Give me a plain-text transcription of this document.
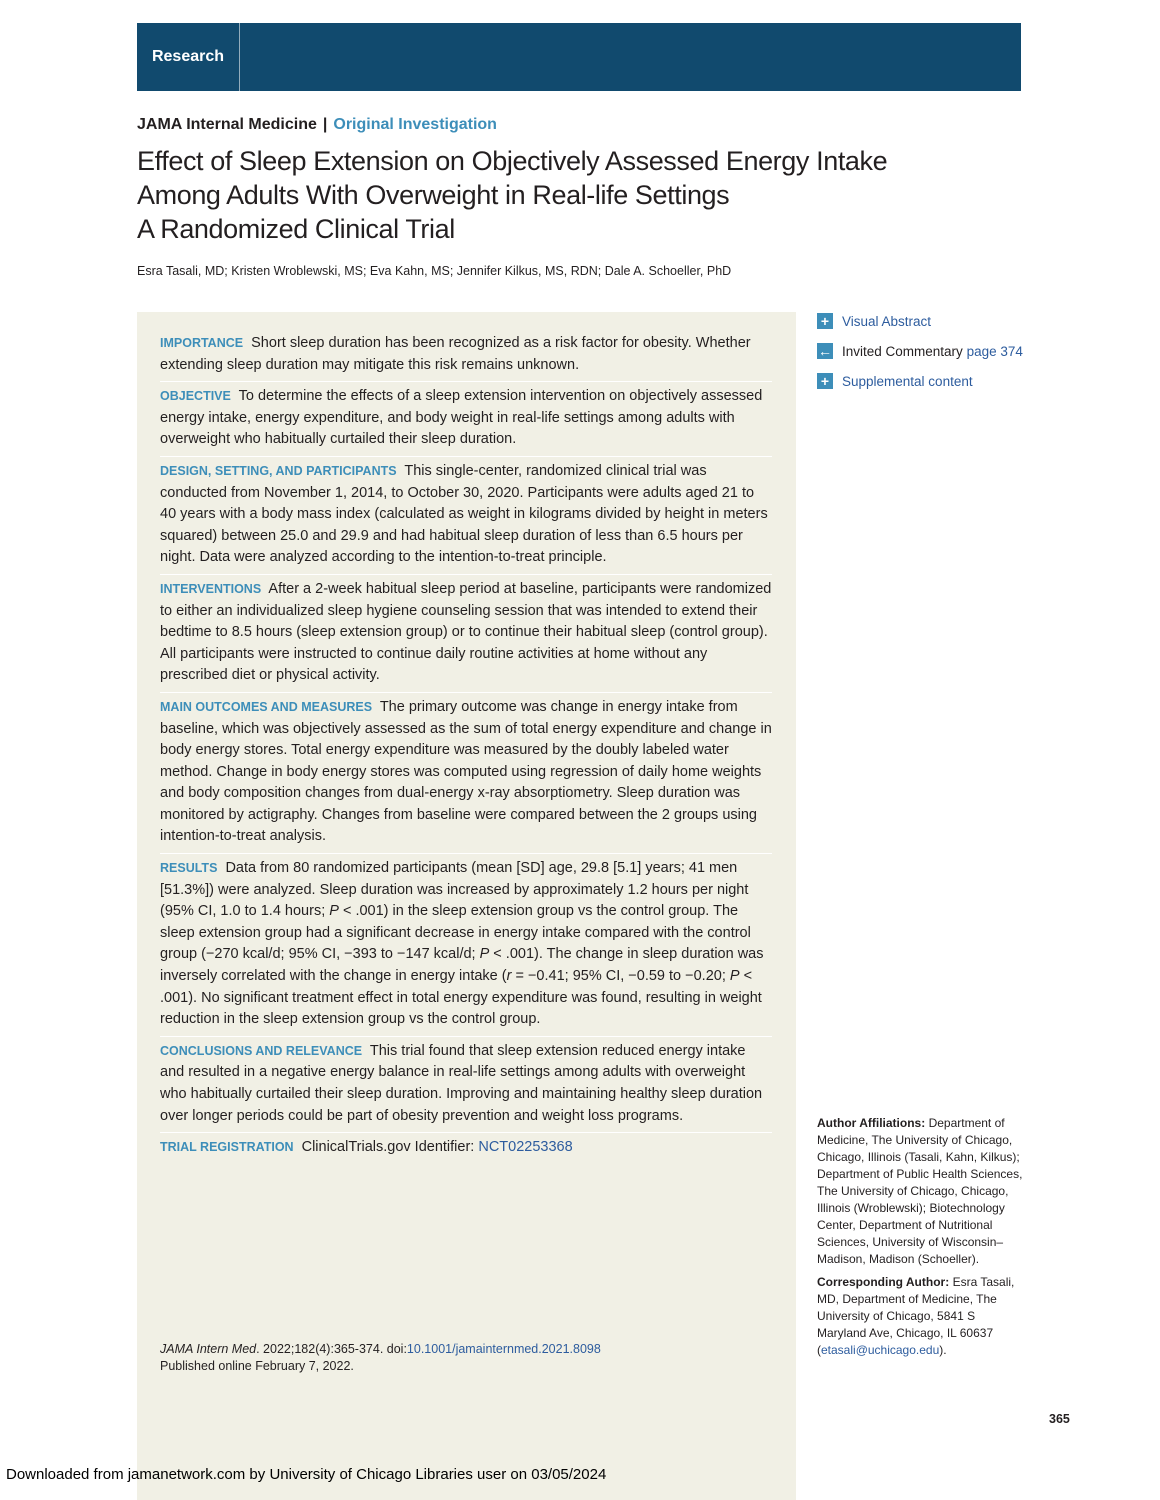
Research
JAMA Internal Medicine | Original Investigation
Effect of Sleep Extension on Objectively Assessed Energy Intake
Among Adults With Overweight in Real-life Settings
A Randomized Clinical Trial
Esra Tasali, MD; Kristen Wroblewski, MS; Eva Kahn, MS; Jennifer Kilkus, MS, RDN; Dale A. Schoeller, PhD
IMPORTANCE Short sleep duration has been recognized as a risk factor for obesity. Whether extending sleep duration may mitigate this risk remains unknown.
OBJECTIVE To determine the effects of a sleep extension intervention on objectively assessed energy intake, energy expenditure, and body weight in real-life settings among adults with overweight who habitually curtailed their sleep duration.
DESIGN, SETTING, AND PARTICIPANTS This single-center, randomized clinical trial was conducted from November 1, 2014, to October 30, 2020. Participants were adults aged 21 to 40 years with a body mass index (calculated as weight in kilograms divided by height in meters squared) between 25.0 and 29.9 and had habitual sleep duration of less than 6.5 hours per night. Data were analyzed according to the intention-to-treat principle.
INTERVENTIONS After a 2-week habitual sleep period at baseline, participants were randomized to either an individualized sleep hygiene counseling session that was intended to extend their bedtime to 8.5 hours (sleep extension group) or to continue their habitual sleep (control group). All participants were instructed to continue daily routine activities at home without any prescribed diet or physical activity.
MAIN OUTCOMES AND MEASURES The primary outcome was change in energy intake from baseline, which was objectively assessed as the sum of total energy expenditure and change in body energy stores. Total energy expenditure was measured by the doubly labeled water method. Change in body energy stores was computed using regression of daily home weights and body composition changes from dual-energy x-ray absorptiometry. Sleep duration was monitored by actigraphy. Changes from baseline were compared between the 2 groups using intention-to-treat analysis.
RESULTS Data from 80 randomized participants (mean [SD] age, 29.8 [5.1] years; 41 men [51.3%]) were analyzed. Sleep duration was increased by approximately 1.2 hours per night (95% CI, 1.0 to 1.4 hours; P < .001) in the sleep extension group vs the control group. The sleep extension group had a significant decrease in energy intake compared with the control group (−270 kcal/d; 95% CI, −393 to −147 kcal/d; P < .001). The change in sleep duration was inversely correlated with the change in energy intake (r = −0.41; 95% CI, −0.59 to −0.20; P < .001). No significant treatment effect in total energy expenditure was found, resulting in weight reduction in the sleep extension group vs the control group.
CONCLUSIONS AND RELEVANCE This trial found that sleep extension reduced energy intake and resulted in a negative energy balance in real-life settings among adults with overweight who habitually curtailed their sleep duration. Improving and maintaining healthy sleep duration over longer periods could be part of obesity prevention and weight loss programs.
TRIAL REGISTRATION ClinicalTrials.gov Identifier: NCT02253368
JAMA Intern Med. 2022;182(4):365-374. doi:10.1001/jamainternmed.2021.8098
Published online February 7, 2022.
+ Visual Abstract
← Invited Commentary
page 374
+ Supplemental content

Author Affiliations: Department of Medicine, The University of Chicago, Chicago, Illinois (Tasali, Kahn, Kilkus); Department of Public Health Sciences, The University of Chicago, Chicago, Illinois (Wroblewski); Biotechnology Center, Department of Nutritional Sciences, University of Wisconsin–Madison, Madison (Schoeller).

Corresponding Author: Esra Tasali, MD, Department of Medicine, The University of Chicago, 5841 S Maryland Ave, Chicago, IL 60637 (etasali@uchicago.edu).

365
Downloaded from jamanetwork.com by University of Chicago Libraries user on 03/05/2024
